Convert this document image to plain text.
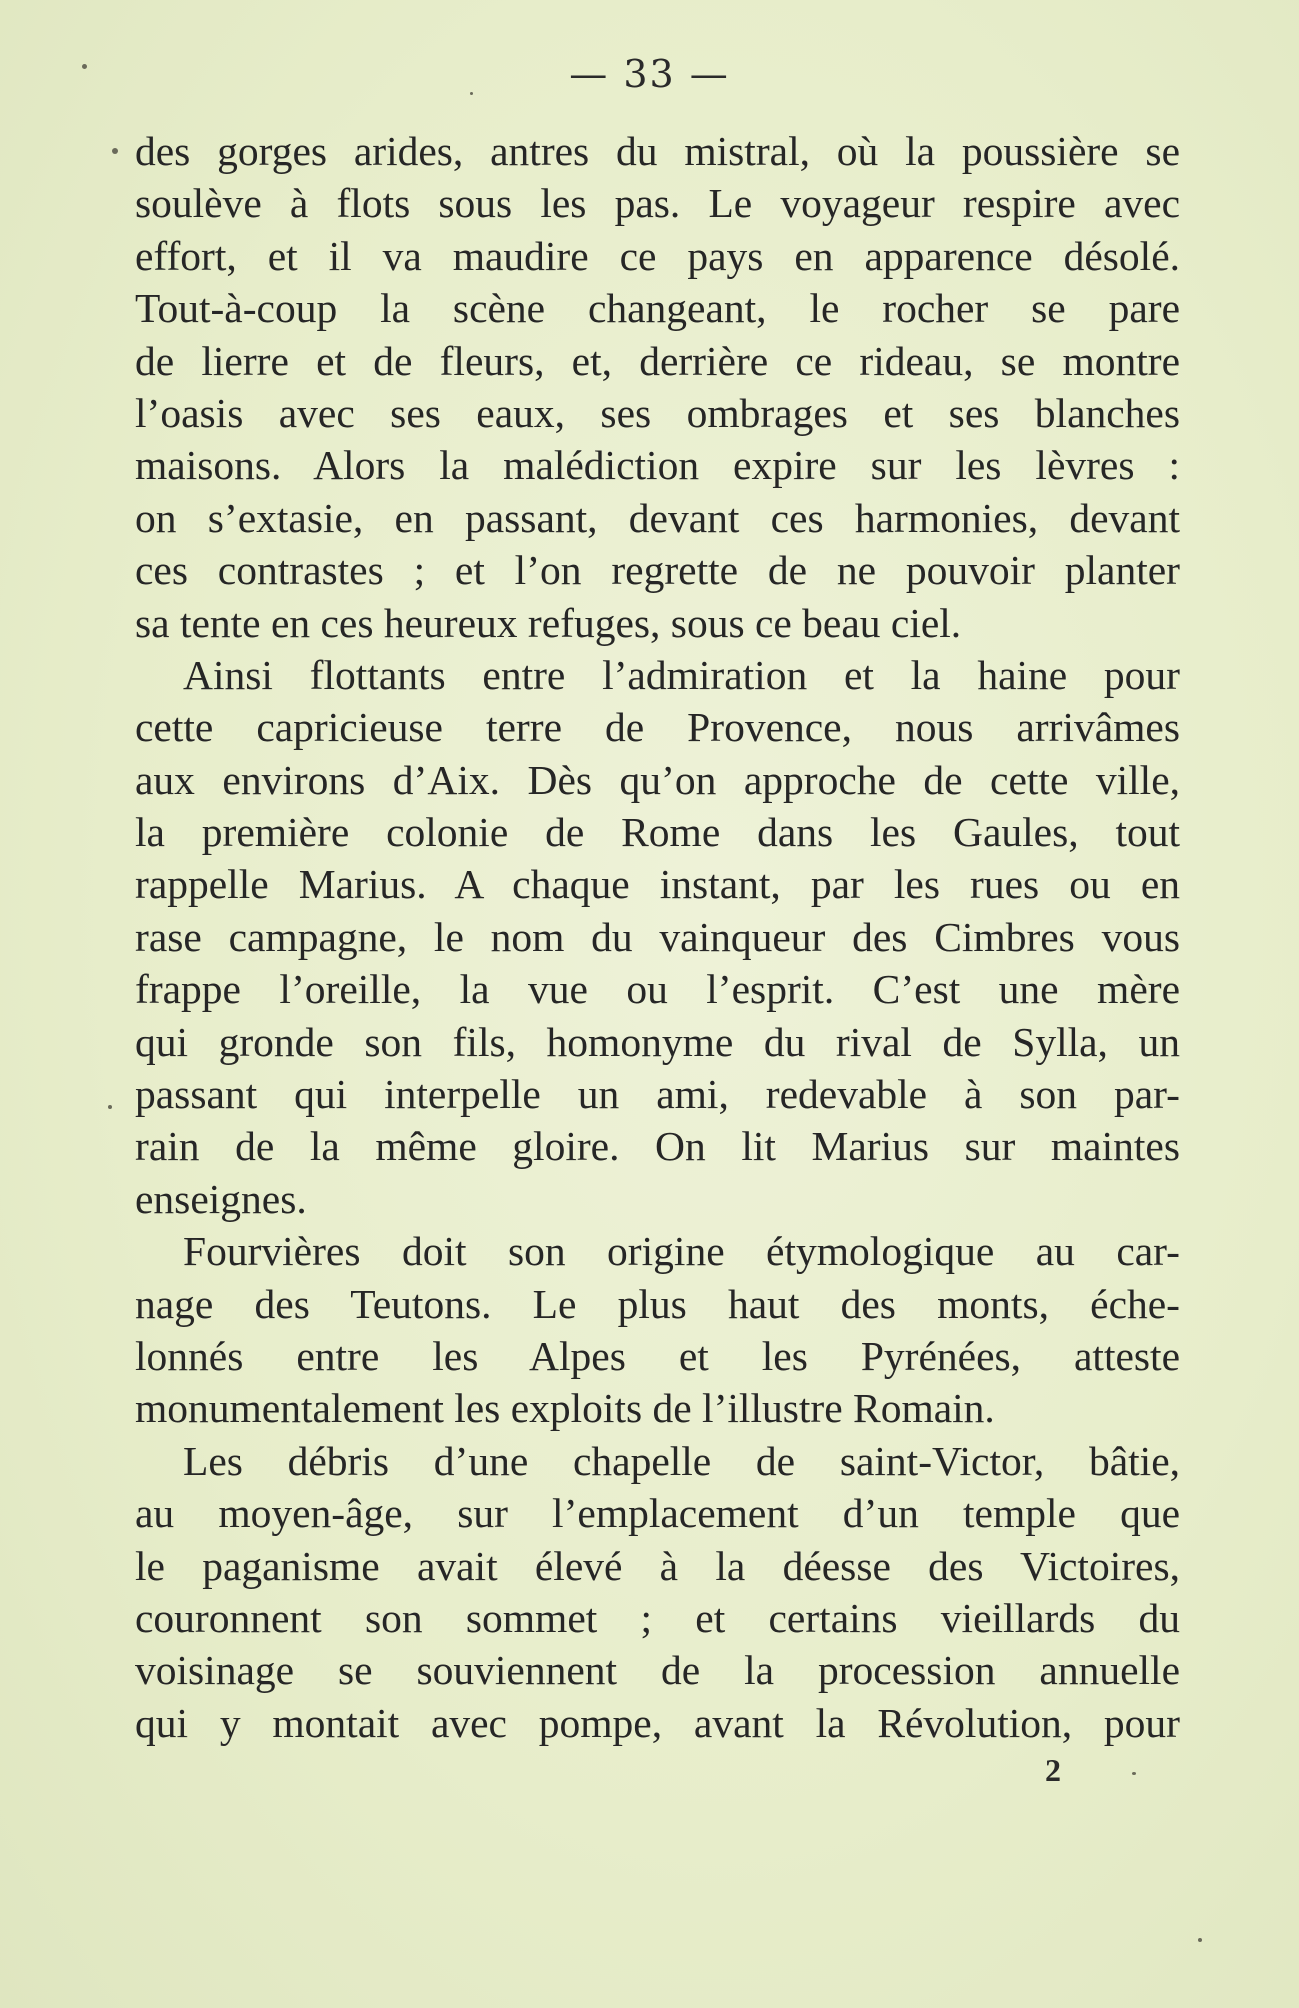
— 33 —
des gorges arides, antres du mistral, où la poussière se
soulève à flots sous les pas. Le voyageur respire avec
effort, et il va maudire ce pays en apparence désolé.
Tout-à-coup la scène changeant, le rocher se pare
de lierre et de fleurs, et, derrière ce rideau, se montre
l’oasis avec ses eaux, ses ombrages et ses blanches
maisons. Alors la malédiction expire sur les lèvres :
on s’extasie, en passant, devant ces harmonies, devant
ces contrastes ; et l’on regrette de ne pouvoir planter
sa tente en ces heureux refuges, sous ce beau ciel.
Ainsi flottants entre l’admiration et la haine pour
cette capricieuse terre de Provence, nous arrivâmes
aux environs d’Aix. Dès qu’on approche de cette ville,
la première colonie de Rome dans les Gaules, tout
rappelle Marius. A chaque instant, par les rues ou en
rase campagne, le nom du vainqueur des Cimbres vous
frappe l’oreille, la vue ou l’esprit. C’est une mère
qui gronde son fils, homonyme du rival de Sylla, un
passant qui interpelle un ami, redevable à son par-
rain de la même gloire. On lit Marius sur maintes
enseignes.
Fourvières doit son origine étymologique au car-
nage des Teutons. Le plus haut des monts, éche-
lonnés entre les Alpes et les Pyrénées, atteste
monumentalement les exploits de l’illustre Romain.
Les débris d’une chapelle de saint-Victor, bâtie,
au moyen-âge, sur l’emplacement d’un temple que
le paganisme avait élevé à la déesse des Victoires,
couronnent son sommet ; et certains vieillards du
voisinage se souviennent de la procession annuelle
qui y montait avec pompe, avant la Révolution, pour
2
